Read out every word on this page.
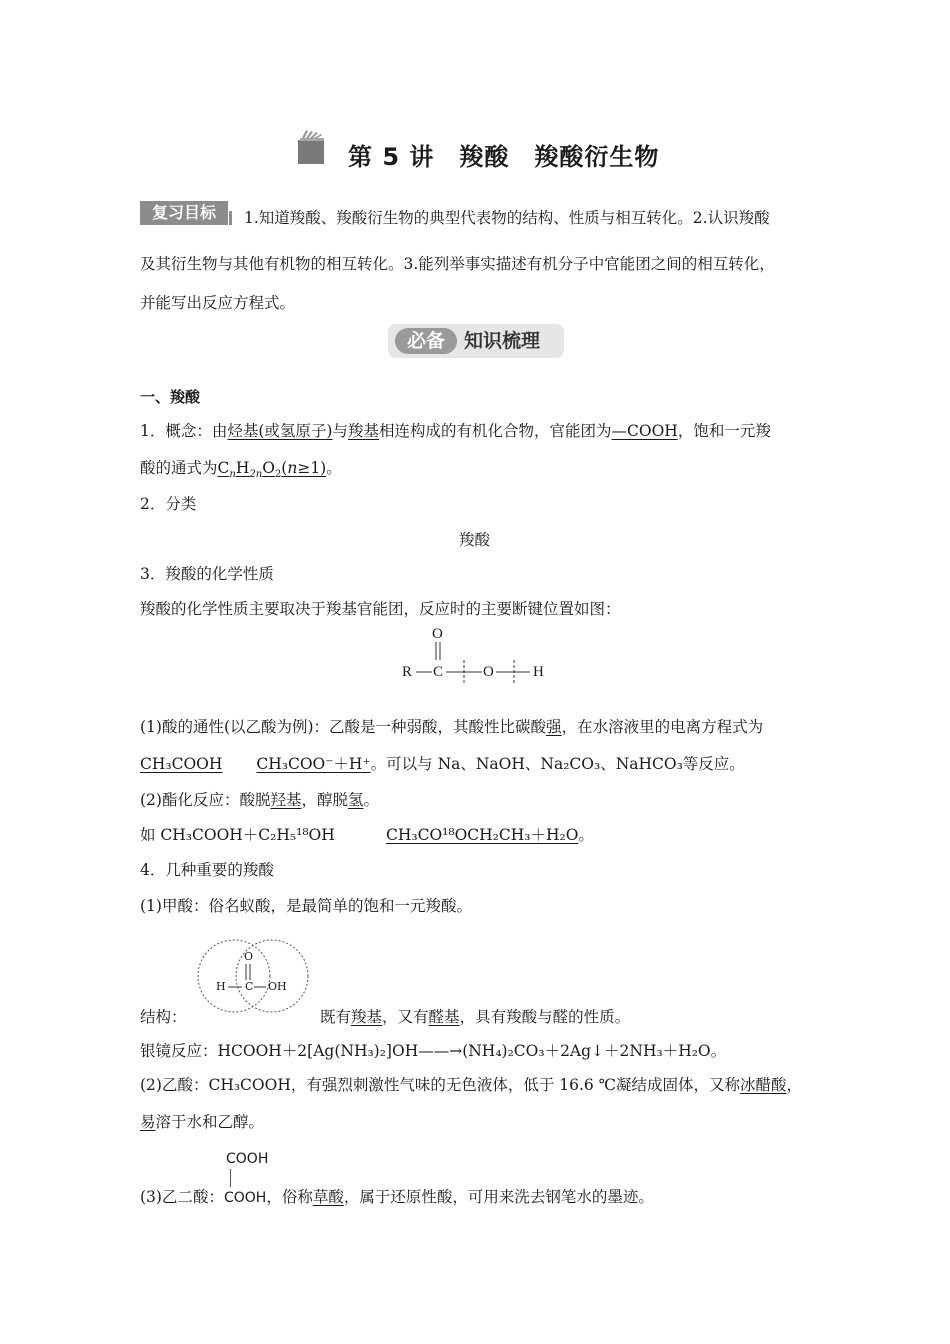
第 5 讲　羧酸　羧酸衍生物
复习目标	1.知道羧酸、羧酸衍生物的典型代表物的结构、性质与相互转化。2.认识羧酸
及其衍生物与其他有机物的相互转化。3.能列举事实描述有机分子中官能团之间的相互转化，
并能写出反应方程式。
必备	知识梳理
一、羧酸
1．概念：由烃基(或氢原子)与羧基相连构成的有机化合物，官能团为—COOH，饱和一元羧
酸的通式为$C_nH_{2n}O_2(n\ge 1)$。
2．分类
羧酸
3．羧酸的化学性质
羧酸的化学性质主要取决于羧基官能团，反应时的主要断键位置如图：
O
R C	O	H
(1)酸的通性(以乙酸为例)：乙酸是一种弱酸，其酸性比碳酸强，在水溶液里的电离方程式为
CH₃COOH CH₃COO⁻＋H⁺。可以与 Na、NaOH、Na₂CO₃、NaHCO₃等反应。
(2)酯化反应：酸脱羟基，醇脱氢。
如 CH₃COOH＋C₂H₅¹⁸OH	CH₃CO¹⁸OCH₂CH₃＋H₂O。
4．几种重要的羧酸
(1)甲酸：俗名蚁酸，是最简单的饱和一元羧酸。
O
H C OH
结构：	既有羧基，又有醛基，具有羧酸与醛的性质。
银镜反应：HCOOH＋2[Ag(NH₃)₂]OH——→(NH₄)₂CO₃＋2Ag↓＋2NH₃＋H₂O。
(2)乙酸：CH₃COOH，有强烈刺激性气味的无色液体，低于 16.6 ℃凝结成固体，又称冰醋酸，
易溶于水和乙醇。
COOH
(3)乙二酸：COOH，俗称草酸，属于还原性酸，可用来洗去钢笔水的墨迹。
